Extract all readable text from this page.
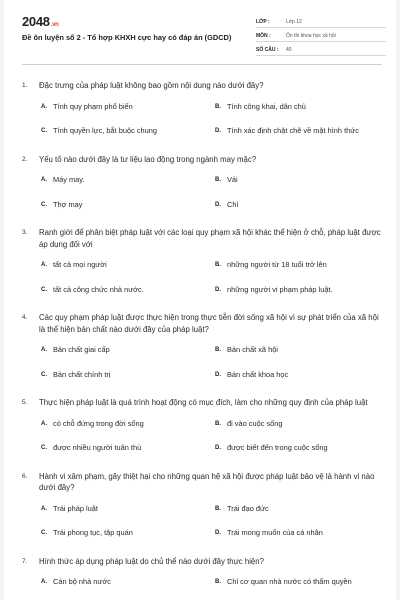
2048.vn
Đề ôn luyện số 2 - Tổ hợp KHXH cực hay có đáp án (GDCD)
LỚP :	Lớp 12
MÔN :	Ôn thi khoa học xã hội
SỐ CÂU :	40
1.	Đặc trưng của pháp luật không bao gồm nội dung nào dưới đây?
A. Tính quy phạm phổ biến	B. Tính công khai, dân chủ
C. Tính quyền lực, bắt buộc chung	D. Tính xác định chặt chẽ về mặt hình thức
2.	Yếu tố nào dưới đây là tư liệu lao động trong ngành may mặc?
A. Máy may.	B. Vải
C. Thợ may	D. Chỉ
3.	Ranh giới để phân biệt pháp luật với các loại quy phạm xã hội khác thể hiện ở chỗ, pháp luật được áp dụng đối với
A. tất cả mọi người	B. những người từ 18 tuổi trở lên
C. tất cả công chức nhà nước.	D. những người vi phạm pháp luật.
4.	Các quy phạm pháp luật được thực hiện trong thực tiễn đời sống xã hội vì sự phát triển của xã hội là thể hiện bản chất nào dưới đây của pháp luật?
A. Bản chất giai cấp	B. Bản chất xã hội
C. Bản chất chính trị	D. Bản chất khoa học
5.	Thực hiện pháp luật là quá trình hoạt động có mục đích, làm cho những quy định của pháp luật
A. có chỗ đứng trong đời sống	B. đi vào cuộc sống
C. được nhiều người tuân thủ	D. được biết đến trong cuộc sống
6.	Hành vi xâm phạm, gây thiệt hại cho những quan hệ xã hội được pháp luật bảo vệ là hành vi nào dưới đây?
A. Trái pháp luật	B. Trái đạo đức
C. Trái phong tục, tập quán	D. Trái mong muốn của cá nhân
7.	Hình thức áp dụng pháp luật do chủ thể nào dưới đây thực hiện?
A. Cán bộ nhà nước	B. Chỉ cơ quan nhà nước có thẩm quyền
